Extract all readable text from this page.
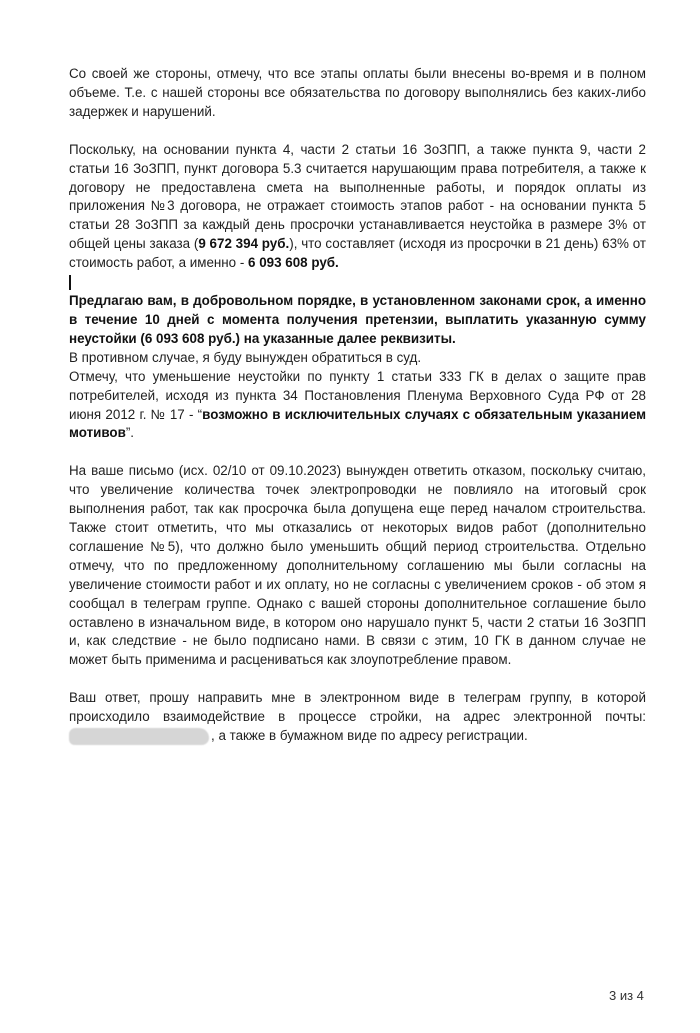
Со своей же стороны, отмечу, что все этапы оплаты были внесены во-время и в полном объеме. Т.е. с нашей стороны все обязательства по договору выполнялись без каких-либо задержек и нарушений.

Поскольку, на основании пункта 4, части 2 статьи 16 ЗоЗПП, а также пункта 9, части 2 статьи 16 ЗоЗПП, пункт договора 5.3 считается нарушающим права потребителя, а также к договору не предоставлена смета на выполненные работы, и порядок оплаты из приложения №3 договора, не отражает стоимость этапов работ - на основании пункта 5 статьи 28 ЗоЗПП за каждый день просрочки устанавливается неустойка в размере 3% от общей цены заказа (9 672 394 руб.), что составляет (исходя из просрочки в 21 день) 63% от стоимость работ, а именно - 6 093 608 руб.

Предлагаю вам, в добровольном порядке, в установленном законами срок, а именно в течение 10 дней с момента получения претензии, выплатить указанную сумму неустойки (6 093 608 руб.) на указанные далее реквизиты.

В противном случае, я буду вынужден обратиться в суд.

Отмечу, что уменьшение неустойки по пункту 1 статьи 333 ГК в делах о защите прав потребителей, исходя из пункта 34 Постановления Пленума Верховного Суда РФ от 28 июня 2012 г. № 17 - “возможно в исключительных случаях с обязательным указанием мотивов”.

На ваше письмо (исх. 02/10 от 09.10.2023) вынужден ответить отказом, поскольку считаю, что увеличение количества точек электропроводки не повлияло на итоговый срок выполнения работ, так как просрочка была допущена еще перед началом строительства. Также стоит отметить, что мы отказались от некоторых видов работ (дополнительно соглашение №5), что должно было уменьшить общий период строительства. Отдельно отмечу, что по предложенному дополнительному соглашению мы были согласны на увеличение стоимости работ и их оплату, но не согласны с увеличением сроков - об этом я сообщал в телеграм группе. Однако с вашей стороны дополнительное соглашение было оставлено в изначальном виде, в котором оно нарушало пункт 5, части 2 статьи 16 ЗоЗПП и, как следствие - не было подписано нами. В связи с этим, 10 ГК в данном случае не может быть применима и расцениваться как злоупотребление правом.

Ваш ответ, прошу направить мне в электронном виде в телеграм группу, в которой происходило взаимодействие в процессе стройки, на адрес электронной почты: , а также в бумажном виде по адресу регистрации.

3 из 4
